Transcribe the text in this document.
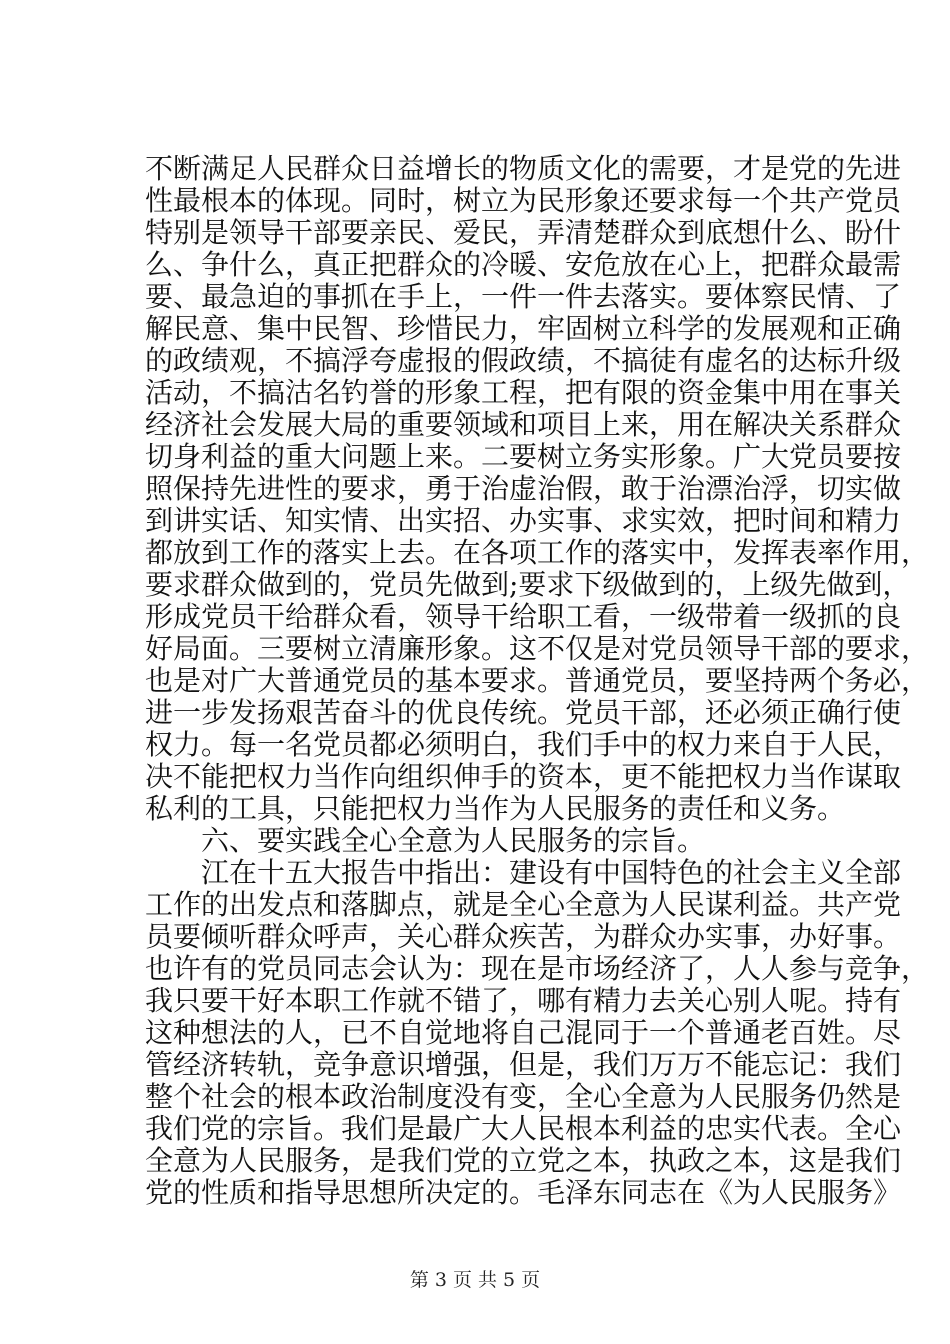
不断满足人民群众日益增长的物质文化的需要，才是党的先进
性最根本的体现。同时，树立为民形象还要求每一个共产党员
特别是领导干部要亲民、爱民，弄清楚群众到底想什么、盼什
么、争什么，真正把群众的冷暖、安危放在心上，把群众最需
要、最急迫的事抓在手上，一件一件去落实。要体察民情、了
解民意、集中民智、珍惜民力，牢固树立科学的发展观和正确
的政绩观，不搞浮夸虚报的假政绩，不搞徒有虚名的达标升级
活动，不搞沽名钓誉的形象工程，把有限的资金集中用在事关
经济社会发展大局的重要领域和项目上来，用在解决关系群众
切身利益的重大问题上来。二要树立务实形象。广大党员要按
照保持先进性的要求，勇于治虚治假，敢于治漂治浮，切实做
到讲实话、知实情、出实招、办实事、求实效，把时间和精力
都放到工作的落实上去。在各项工作的落实中，发挥表率作用，
要求群众做到的，党员先做到;要求下级做到的，上级先做到，
形成党员干给群众看，领导干给职工看，一级带着一级抓的良
好局面。三要树立清廉形象。这不仅是对党员领导干部的要求，
也是对广大普通党员的基本要求。普通党员，要坚持两个务必，
进一步发扬艰苦奋斗的优良传统。党员干部，还必须正确行使
权力。每一名党员都必须明白，我们手中的权力来自于人民，
决不能把权力当作向组织伸手的资本，更不能把权力当作谋取
私利的工具，只能把权力当作为人民服务的责任和义务。
六、要实践全心全意为人民服务的宗旨。
江在十五大报告中指出：建设有中国特色的社会主义全部
工作的出发点和落脚点，就是全心全意为人民谋利益。共产党
员要倾听群众呼声，关心群众疾苦，为群众办实事，办好事。
也许有的党员同志会认为：现在是市场经济了，人人参与竞争，
我只要干好本职工作就不错了，哪有精力去关心别人呢。持有
这种想法的人，已不自觉地将自己混同于一个普通老百姓。尽
管经济转轨，竞争意识增强，但是，我们万万不能忘记：我们
整个社会的根本政治制度没有变，全心全意为人民服务仍然是
我们党的宗旨。我们是最广大人民根本利益的忠实代表。全心
全意为人民服务，是我们党的立党之本，执政之本，这是我们
党的性质和指导思想所决定的。毛泽东同志在《为人民服务》
第 3 页 共 5 页
